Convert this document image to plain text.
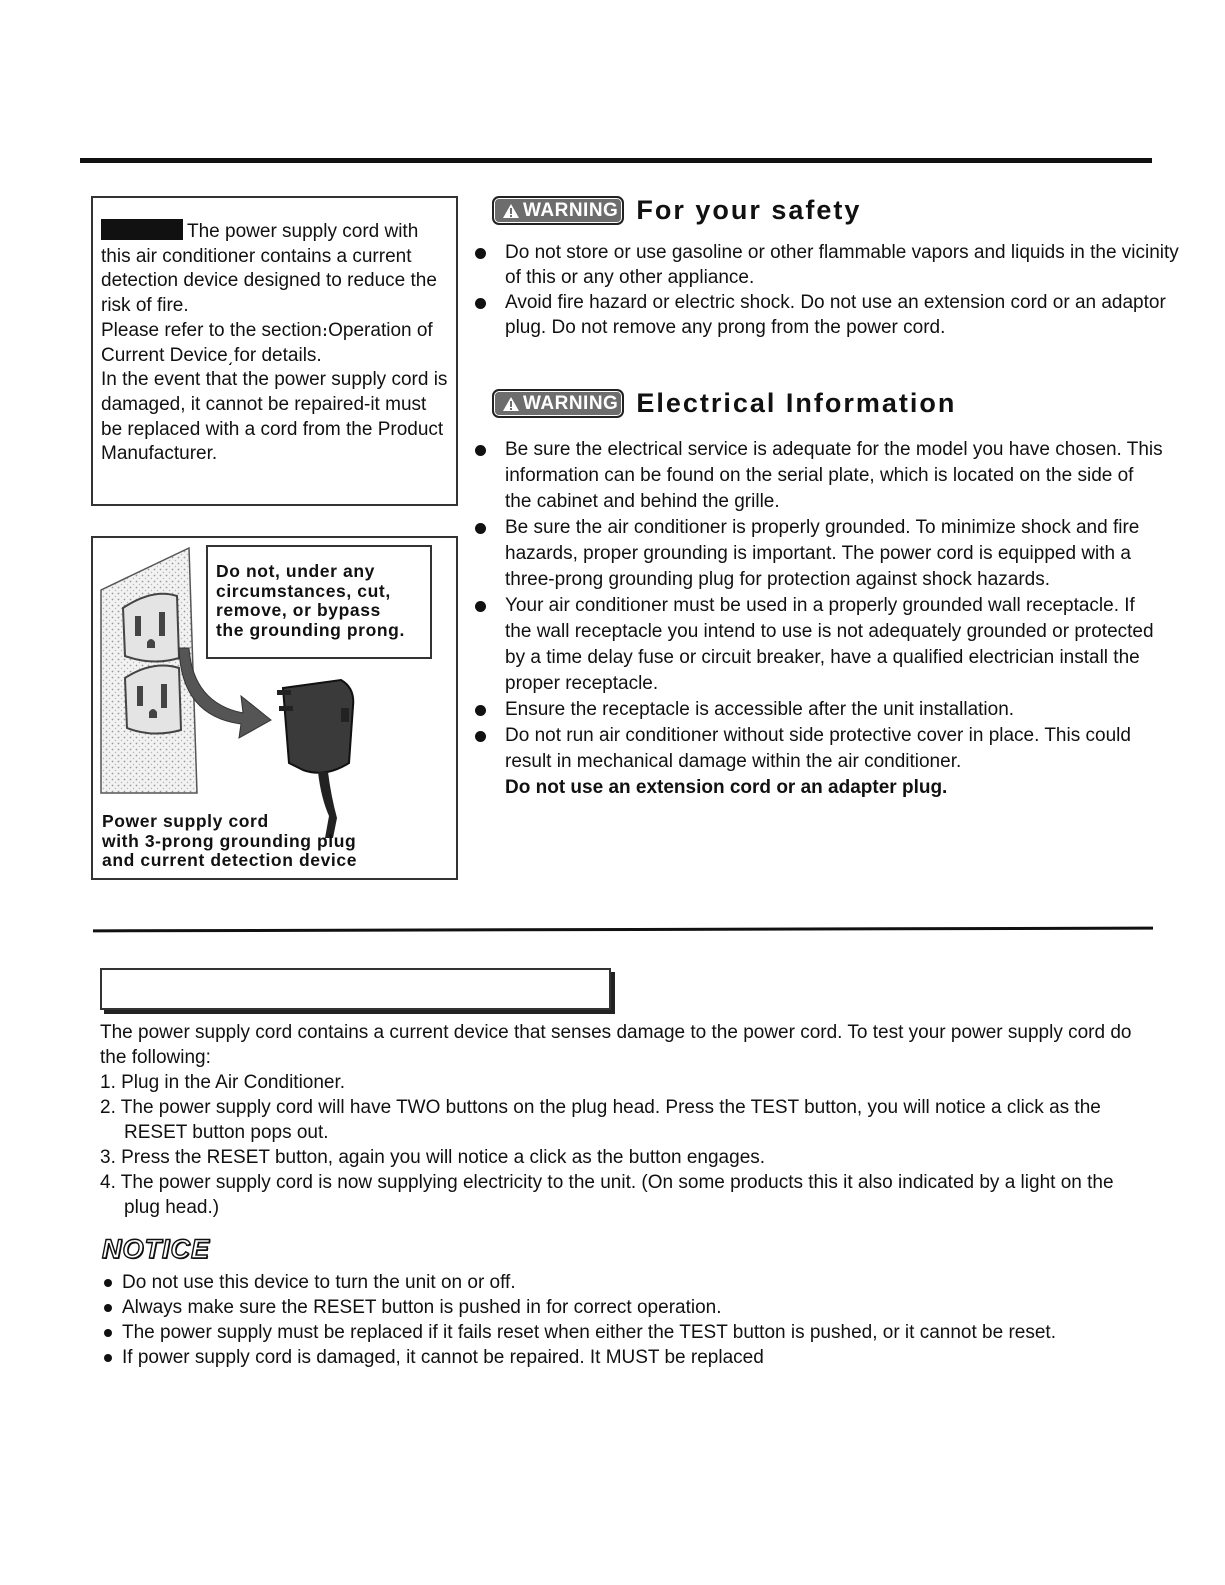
The power supply cord with this air conditioner contains a current detection device designed to reduce the risk of fire.

Please refer to the section։Operation of Current Device͵for details.

In the event that the power supply cord is damaged, it cannot be repaired-it must be replaced with a cord from the Product Manufacturer.

Do not, under any
circumstances, cut,
remove, or bypass
the grounding prong.
Power supply cord
with 3-prong grounding plug
and current detection device
WARNING For your safety
Do not store or use gasoline or other flammable vapors and liquids in the vicinity of this or any other appliance.
Avoid fire hazard or electric shock. Do not use an extension cord or an adaptor plug. Do not remove any prong from the power cord.
WARNING Electrical Information
Be sure the electrical service is adequate for the model you have chosen. This information can be found on the serial plate, which is located on the side of the cabinet and behind the grille.
Be sure the air conditioner is properly grounded. To minimize shock and fire hazards, proper grounding is important. The power cord is equipped with a three-prong grounding plug for protection against shock hazards.
Your air conditioner must be used in a properly grounded wall receptacle. If the wall receptacle you intend to use is not adequately grounded or protected by a time delay fuse or circuit breaker, have a qualified electrician install the proper receptacle.
Ensure the receptacle is accessible after the unit installation.
Do not run air conditioner without side protective cover in place. This could result in mechanical damage within the air conditioner.
Do not use an extension cord or an adapter plug.

The power supply cord contains a current device that senses damage to the power cord. To test your power supply cord do the following:

1. Plug in the Air Conditioner.
2. The power supply cord will have TWO buttons on the plug head. Press the TEST button, you will notice a click as the RESET button pops out.
3. Press the RESET button, again you will notice a click as the button engages.
4. The power supply cord is now supplying electricity to the unit. (On some products this it also indicated by a light on the plug head.)
NOTICE
Do not use this device to turn the unit on or off.
Always make sure the RESET button is pushed in for correct operation.
The power supply must be replaced if it fails reset when either the TEST button is pushed, or it cannot be reset.
If power supply cord is damaged, it cannot be repaired. It MUST be replaced
